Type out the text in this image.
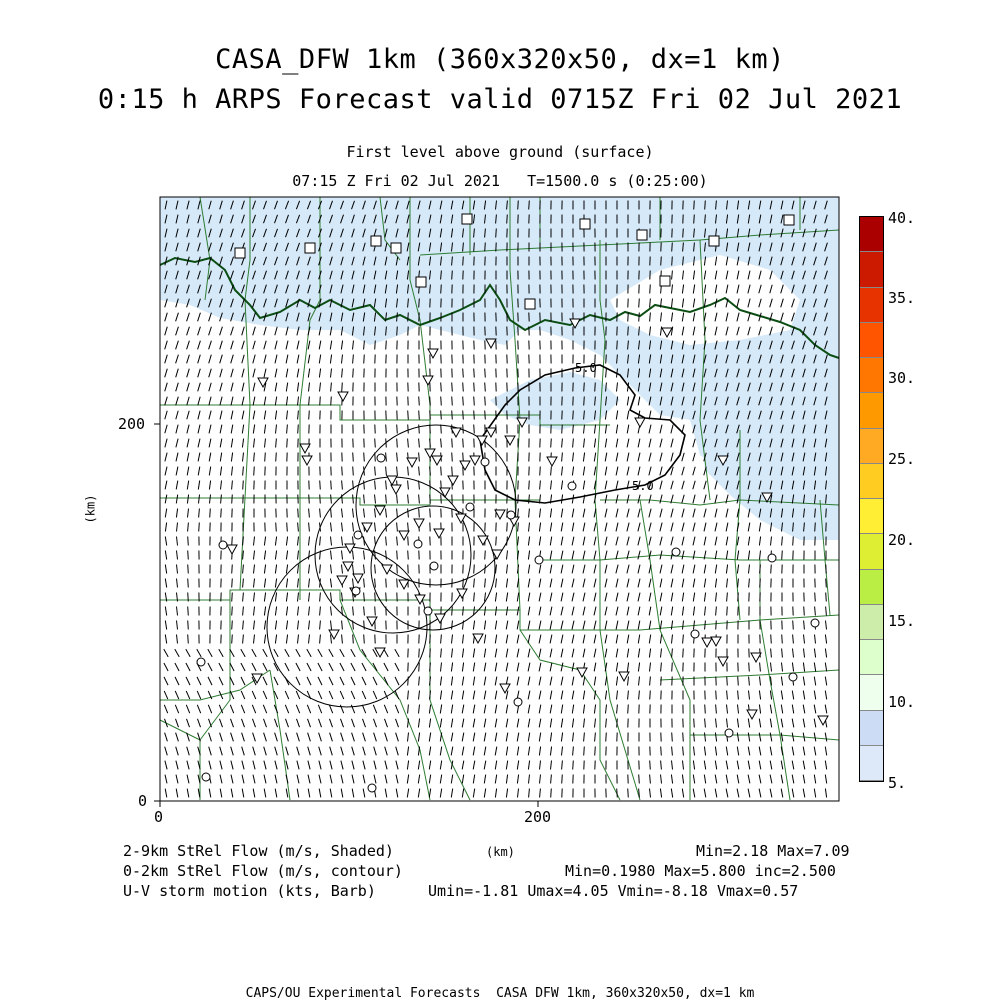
CASA_DFW 1km (360x320x50, dx=1 km)
0:15 h ARPS Forecast valid 0715Z Fri 02 Jul 2021
First level above ground (surface)
07:15 Z Fri 02 Jul 2021   T=1500.0 s (0:25:00)
5.0
5.0
200
0
0	200
(km)
40.
35.
30.
25.
20.
15.
10.
5.
2-9km StRel Flow (m/s, Shaded)
0-2km StRel Flow (m/s, contour)
U-V storm motion (kts, Barb)
(km)	Min=2.18 Max=7.09
Min=0.1980 Max=5.800 inc=2.500
Umin=-1.81 Umax=4.05 Vmin=-8.18 Vmax=0.57
CAPS/OU Experimental Forecasts  CASA DFW 1km, 360x320x50, dx=1 km
